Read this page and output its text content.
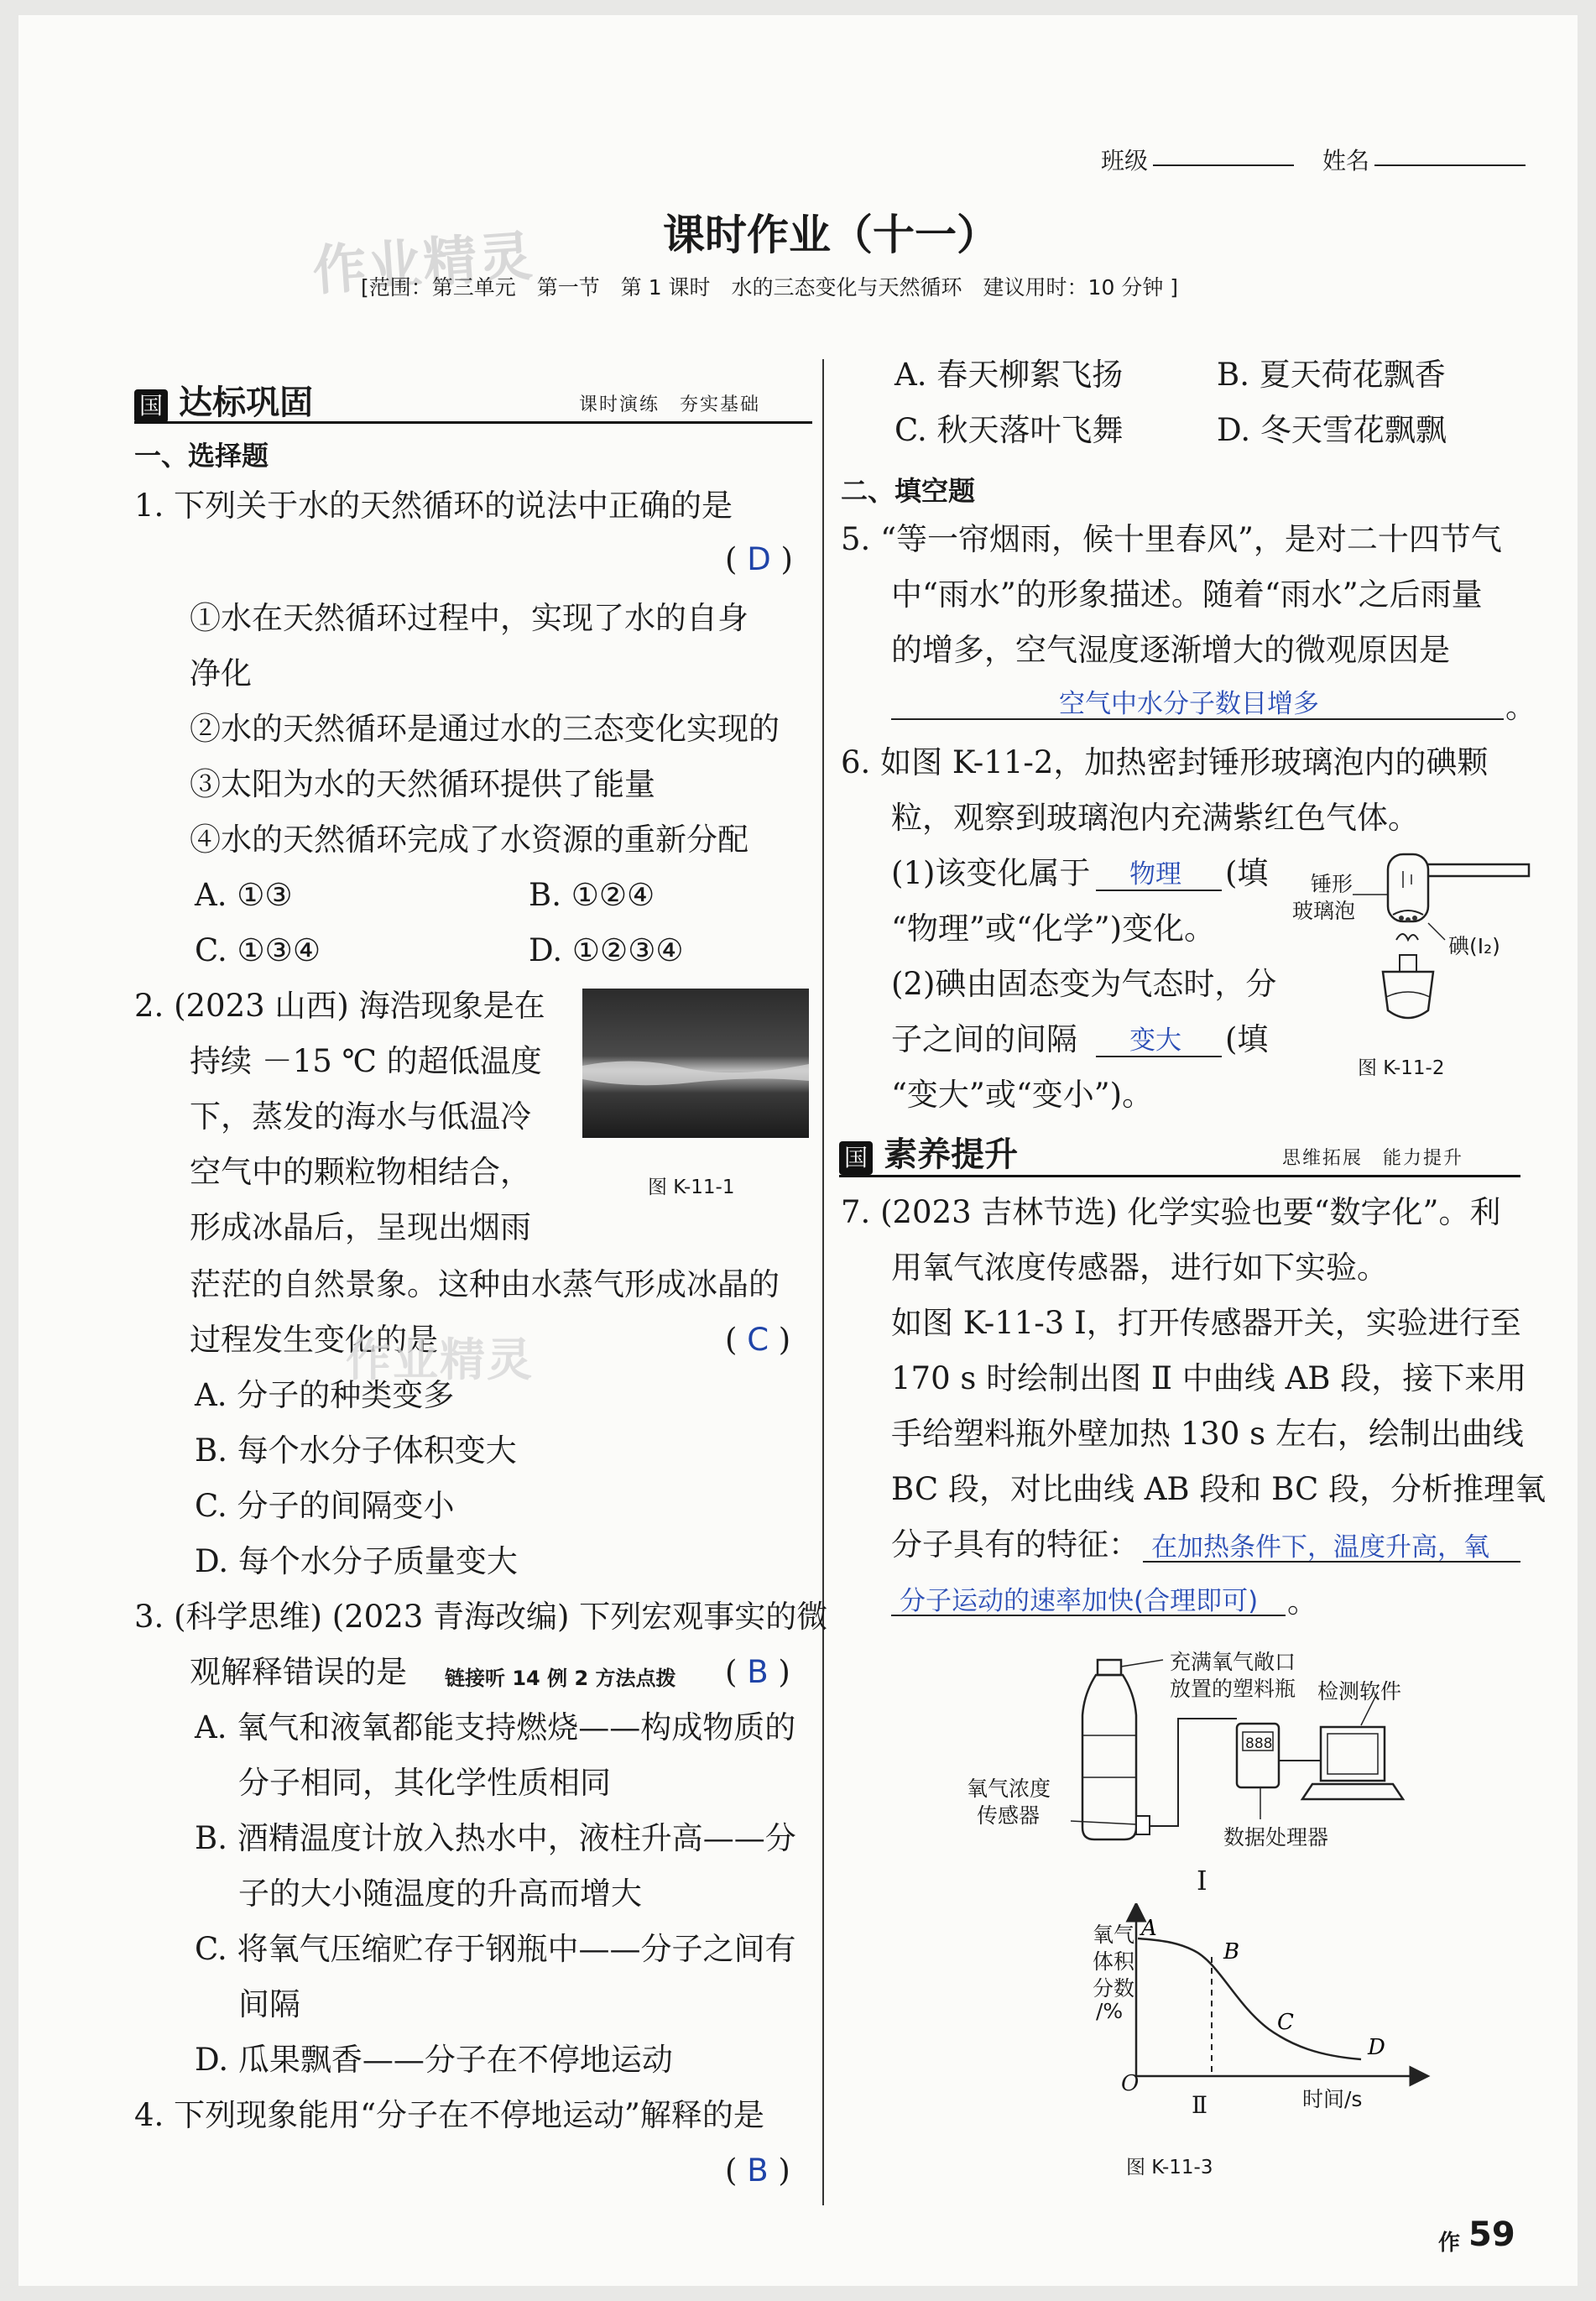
班级	姓名
作业精灵	课时作业（十一）
[范围：第三单元　第一节　第 1 课时　水的三态变化与天然循环　建议用时：10 分钟 ]
国 达标巩固	课时演练　夯实基础
一、选择题
1. 下列关于水的天然循环的说法中正确的是
( D )
①水在天然循环过程中，实现了水的自身
净化
②水的天然循环是通过水的三态变化实现的
③太阳为水的天然循环提供了能量
④水的天然循环完成了水资源的重新分配
A. ①③	B. ①②④
C. ①③④	D. ①②③④
2. (2023 山西) 海浩现象是在
持续 －15 ℃ 的超低温度
下，蒸发的海水与低温冷
空气中的颗粒物相结合，
形成冰晶后，呈现出烟雨
图 K-11-1
茫茫的自然景象。这种由水蒸气形成冰晶的
过程发生变化的是
作业精灵	( C )
A. 分子的种类变多
B. 每个水分子体积变大
C. 分子的间隔变小
D. 每个水分子质量变大
3. (科学思维) (2023 青海改编) 下列宏观事实的微
观解释错误的是 链接听 14 例 2 方法点拨 ( B )
A. 氧气和液氧都能支持燃烧——构成物质的
分子相同，其化学性质相同
B. 酒精温度计放入热水中，液柱升高——分
子的大小随温度的升高而增大
C. 将氧气压缩贮存于钢瓶中——分子之间有
间隔
D. 瓜果飘香——分子在不停地运动
4. 下列现象能用“分子在不停地运动”解释的是
( B )
A. 春天柳絮飞扬	B. 夏天荷花飘香
C. 秋天落叶飞舞	D. 冬天雪花飘飘
二、填空题
5. “等一帘烟雨，候十里春风”，是对二十四节气
中“雨水”的形象描述。随着“雨水”之后雨量
的增多，空气湿度逐渐增大的微观原因是
空气中水分子数目增多	。
6. 如图 K-11-2，加热密封锤形玻璃泡内的碘颗
粒，观察到玻璃泡内充满紫红色气体。
(1)该变化属于 物理 (填
“物理”或“化学”)变化。
(2)碘由固态变为气态时，分
子之间的间隔 变大 (填
“变大”或“变小”)。
锤形
玻璃泡
碘(I₂)
图 K-11-2
国 素养提升	思维拓展　能力提升
7. (2023 吉林节选) 化学实验也要“数字化”。利
用氧气浓度传感器，进行如下实验。
如图 K-11-3 Ⅰ，打开传感器开关，实验进行至
170 s 时绘制出图 Ⅱ 中曲线 AB 段，接下来用
手给塑料瓶外壁加热 130 s 左右，绘制出曲线
BC 段，对比曲线 AB 段和 BC 段，分析推理氧
分子具有的特征： 在加热条件下，温度升高，氧
分子运动的速率加快(合理即可) 。
充满氧气敞口
放置的塑料瓶 检测软件
氧气浓度
传感器
数据处理器
888
Ⅰ
A
B
C
D
氧气
体积
分数
/%
O
时间/s
Ⅱ
图 K-11-3
作 59
